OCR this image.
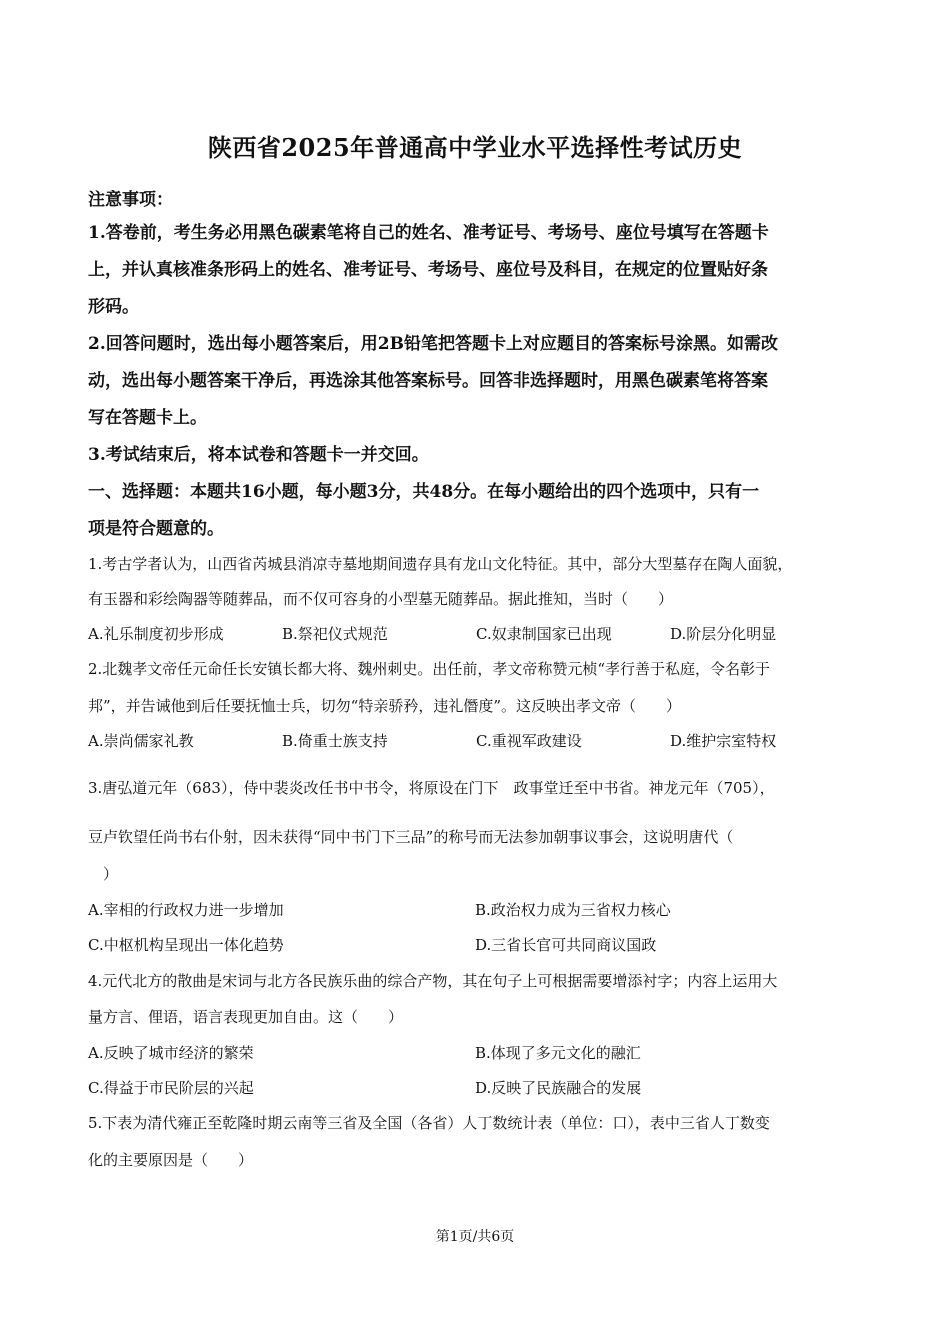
陕西省2025年普通高中学业水平选择性考试历史
注意事项：
1.答卷前，考生务必用黑色碳素笔将自己的姓名、准考证号、考场号、座位号填写在答题卡
上，并认真核准条形码上的姓名、准考证号、考场号、座位号及科目，在规定的位置贴好条
形码。
2.回答问题时，选出每小题答案后，用2B铅笔把答题卡上对应题目的答案标号涂黑。如需改
动，选出每小题答案干净后，再选涂其他答案标号。回答非选择题时，用黑色碳素笔将答案
写在答题卡上。
3.考试结束后，将本试卷和答题卡一并交回。
一、选择题：本题共16小题，每小题3分，共48分。在每小题给出的四个选项中，只有一
项是符合题意的。
1.考古学者认为，山西省芮城县消凉寺墓地期间遗存具有龙山文化特征。其中，部分大型墓存在陶人面貌，
有玉器和彩绘陶器等随葬品，而不仅可容身的小型墓无随葬品。据此推知，当时（　　）
A.礼乐制度初步形成	B.祭祀仪式规范	C.奴隶制国家已出现	D.阶层分化明显
2.北魏孝文帝任元命任长安镇长都大将、魏州刺史。出任前，孝文帝称赞元桢“孝行善于私庭，令名彰于
邦”，并告诫他到后任要抚恤士兵，切勿“特亲骄矜，违礼僭度”。这反映出孝文帝（　　）
A.崇尚儒家礼教	B.倚重士族支持	C.重视军政建设	D.维护宗室特权
3.唐弘道元年（683），侍中裴炎改任书中书令，将原设在门下　政事堂迁至中书省。神龙元年（705），
豆卢钦望任尚书右仆射，因未获得“同中书门下三品”的称号而无法参加朝事议事会，这说明唐代（
　）
A.宰相的行政权力进一步增加	B.政治权力成为三省权力核心
C.中枢机构呈现出一体化趋势	D.三省长官可共同商议国政
4.元代北方的散曲是宋词与北方各民族乐曲的综合产物，其在句子上可根据需要增添衬字；内容上运用大
量方言、俚语，语言表现更加自由。这（　　）
A.反映了城市经济的繁荣	B.体现了多元文化的融汇
C.得益于市民阶层的兴起	D.反映了民族融合的发展
5.下表为清代雍正至乾隆时期云南等三省及全国（各省）人丁数统计表（单位：口），表中三省人丁数变
化的主要原因是（　　）
第1页/共6页
